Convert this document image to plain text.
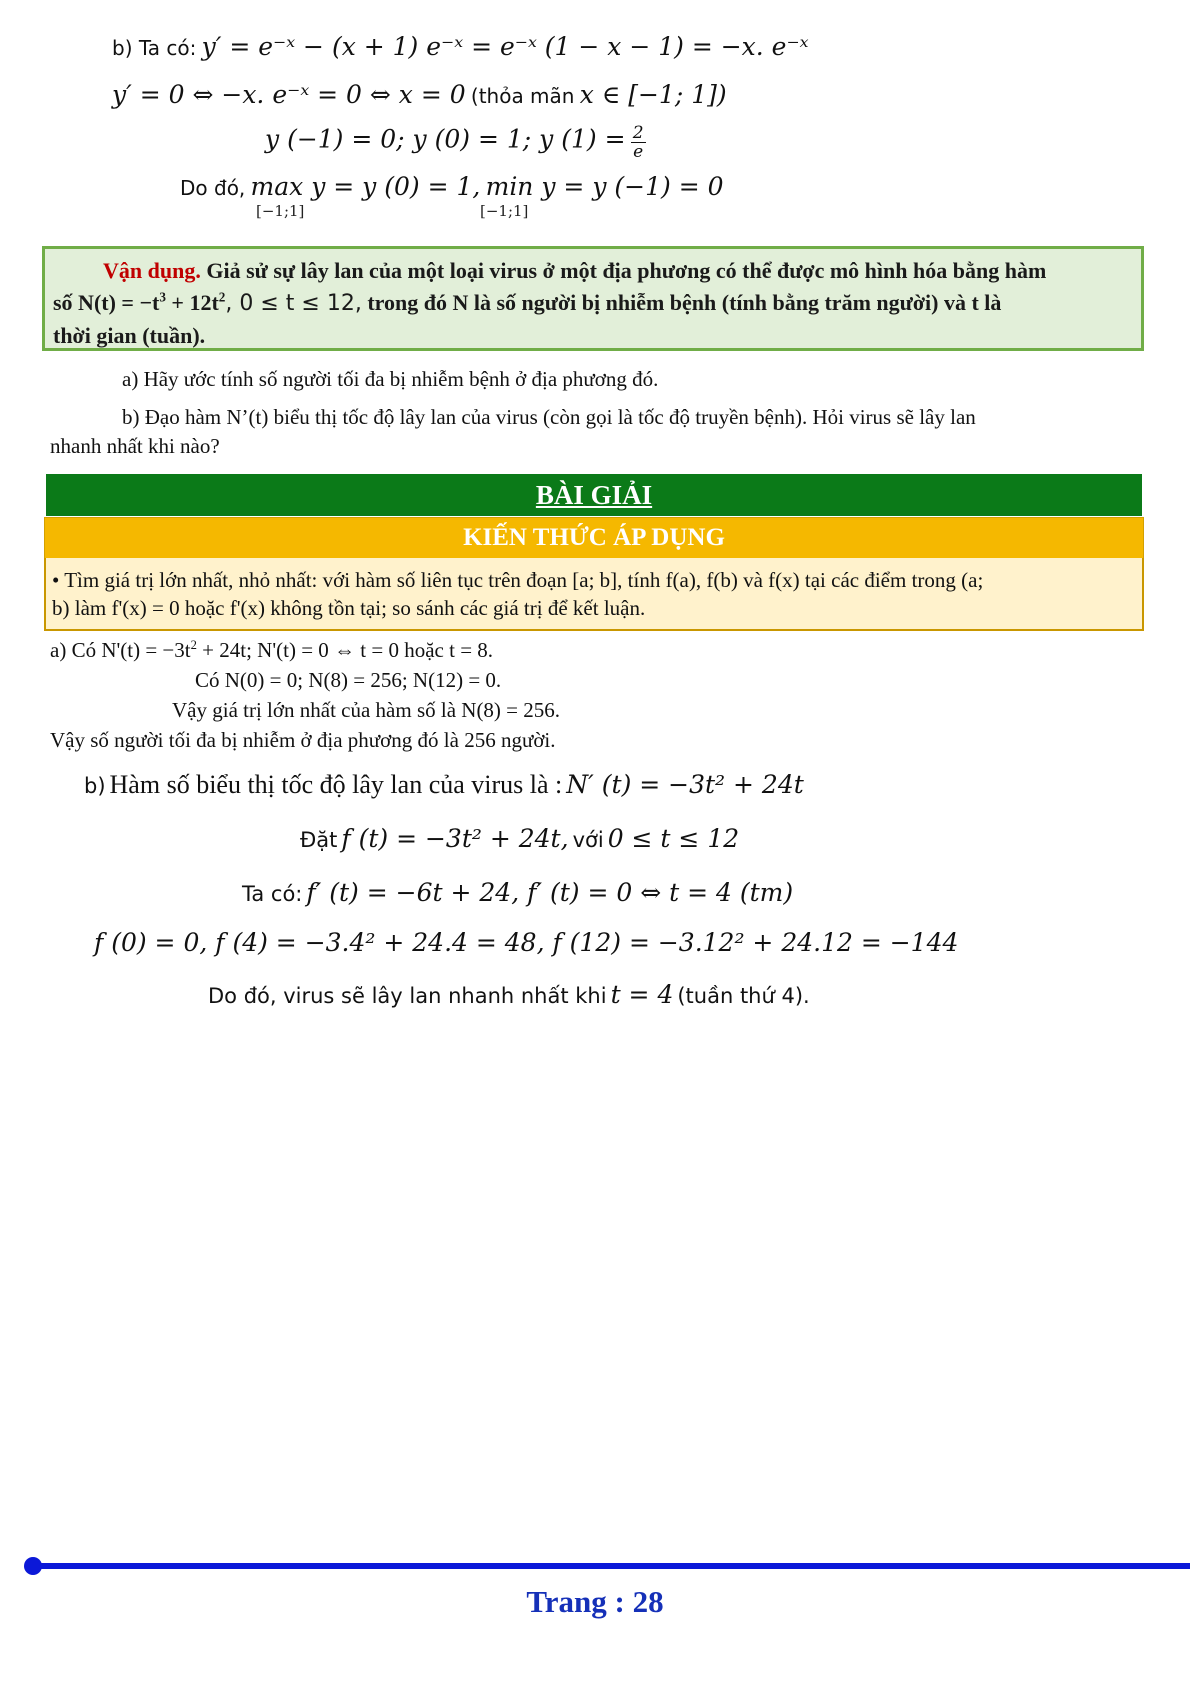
b) Ta có: y′ = e⁻ˣ − (x + 1) e⁻ˣ = e⁻ˣ (1 − x − 1) = −x. e⁻ˣ
y′ = 0 ⇔ −x. e⁻ˣ = 0 ⇔ x = 0 (thỏa mãn x ∈ [−1; 1])
y (−1) = 0; y (0) = 1; y $(1) = \frac{2}{e}$
Do đó, max y = y (0) = 1, min y = y (−1) = 0
[−1;1]	[−1;1]
Vận dụng. Giả sử sự lây lan của một loại virus ở một địa phương có thể được mô hình hóa bằng hàm
số $N(t) = -t^3 + 12t^2$, 0 ≤ t ≤ 12, trong đó N là số người bị nhiễm bệnh (tính bằng trăm người) và t là
thời gian (tuần).
a) Hãy ước tính số người tối đa bị nhiễm bệnh ở địa phương đó.
b) Đạo hàm N’(t) biểu thị tốc độ lây lan của virus (còn gọi là tốc độ truyền bệnh). Hỏi virus sẽ lây lan
nhanh nhất khi nào?
BÀI GIẢI
KIẾN THỨC ÁP DỤNG
• Tìm giá trị lớn nhất, nhỏ nhất: với hàm số liên tục trên đoạn [a; b], tính f(a), f(b) và f(x) tại các điểm trong (a;
b) làm f'(x) = 0 hoặc f'(x) không tồn tại; so sánh các giá trị để kết luận.
a) Có $N'(t) = -3t^2 + 24t$; N'(t) = 0 ⇔ t = 0 hoặc t = 8.
Có N(0) = 0; N(8) = 256; N(12) = 0.
Vậy giá trị lớn nhất của hàm số là N(8) = 256.
Vậy số người tối đa bị nhiễm ở địa phương đó là 256 người.
b) Hàm số biểu thị tốc độ lây lan của virus là : N′ (t) = −3t² + 24t
Đặt f (t) = −3t² + 24t, với 0 ≤ t ≤ 12
Ta có: f′ (t) = −6t + 24, f′ (t) = 0 ⇔ t = 4 (tm)
f (0) = 0, f (4) = −3.4² + 24.4 = 48, f (12) = −3.12² + 24.12 = −144
Do đó, virus sẽ lây lan nhanh nhất khi t = 4 (tuần thứ 4).
Trang : 28
